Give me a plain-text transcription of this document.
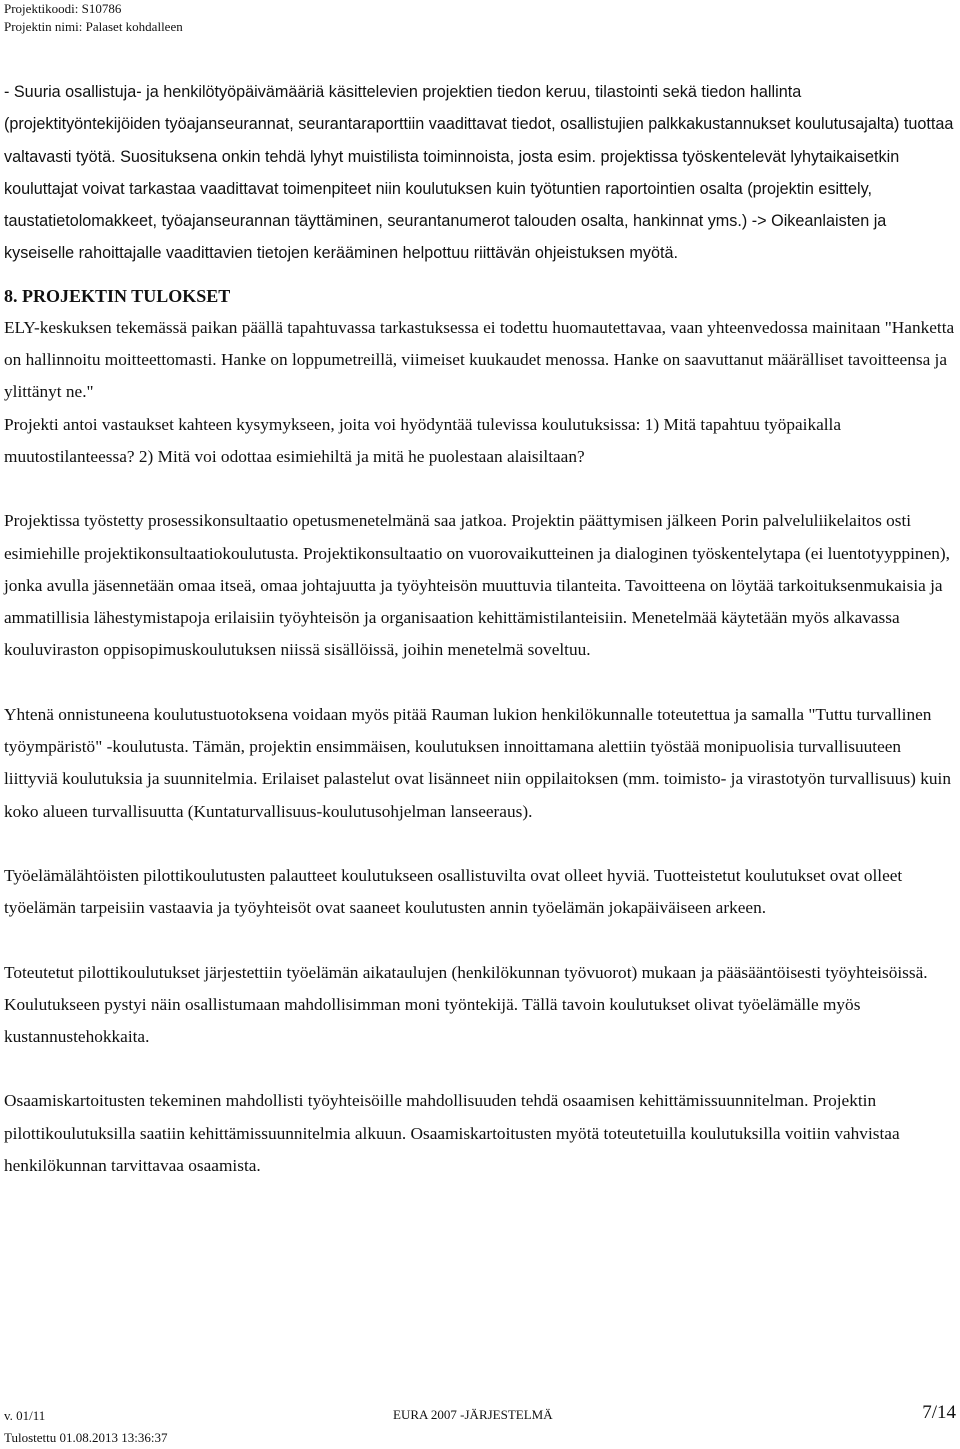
Projektikoodi: S10786
Projektin nimi: Palaset kohdalleen

- Suuria osallistuja- ja henkilötyöpäivämääriä käsittelevien projektien tiedon keruu, tilastointi sekä tiedon hallinta (projektityöntekijöiden työajanseurannat, seurantaraporttiin vaadittavat tiedot, osallistujien palkkakustannukset koulutusajalta) tuottaa valtavasti työtä. Suosituksena onkin tehdä lyhyt muistilista toiminnoista, josta esim. projektissa työskentelevät lyhytaikaisetkin kouluttajat voivat tarkastaa vaadittavat toimenpiteet niin koulutuksen kuin työtuntien raportointien osalta (projektin esittely, taustatietolomakkeet, työajanseurannan täyttäminen, seurantanumerot talouden osalta, hankinnat yms.) -> Oikeanlaisten ja kyseiselle rahoittajalle vaadittavien tietojen kerääminen helpottuu riittävän ohjeistuksen myötä.

8. PROJEKTIN TULOKSET

ELY-keskuksen tekemässä paikan päällä tapahtuvassa tarkastuksessa ei todettu huomautettavaa, vaan yhteenvedossa mainitaan "Hanketta on hallinnoitu moitteettomasti. Hanke on loppumetreillä, viimeiset kuukaudet menossa. Hanke on saavuttanut määrälliset tavoitteensa ja ylittänyt ne."

Projekti antoi vastaukset kahteen kysymykseen, joita voi hyödyntää tulevissa koulutuksissa: 1) Mitä tapahtuu työpaikalla muutostilanteessa? 2) Mitä voi odottaa esimiehiltä ja mitä he puolestaan alaisiltaan?

Projektissa työstetty prosessikonsultaatio opetusmenetelmänä saa jatkoa. Projektin päättymisen jälkeen Porin palveluliikelaitos osti esimiehille projektikonsultaatiokoulutusta. Projektikonsultaatio on vuorovaikutteinen ja dialoginen työskentelytapa (ei luentotyyppinen), jonka avulla jäsennetään omaa itseä, omaa johtajuutta ja työyhteisön muuttuvia tilanteita. Tavoitteena on löytää tarkoituksenmukaisia ja ammatillisia lähestymistapoja erilaisiin työyhteisön ja organisaation kehittämistilanteisiin. Menetelmää käytetään myös alkavassa kouluviraston oppisopimuskoulutuksen niissä sisällöissä, joihin menetelmä soveltuu.

Yhtenä onnistuneena koulutustuotoksena voidaan myös pitää Rauman lukion henkilökunnalle toteutettua ja samalla "Tuttu turvallinen työympäristö" -koulutusta. Tämän, projektin ensimmäisen, koulutuksen innoittamana alettiin työstää monipuolisia turvallisuuteen liittyviä koulutuksia ja suunnitelmia. Erilaiset palastelut ovat lisänneet niin oppilaitoksen (mm. toimisto- ja virastotyön turvallisuus) kuin koko alueen turvallisuutta (Kuntaturvallisuus-koulutusohjelman lanseeraus).

Työelämälähtöisten pilottikoulutusten palautteet koulutukseen osallistuvilta ovat olleet hyviä. Tuotteistetut koulutukset ovat olleet työelämän tarpeisiin vastaavia ja työyhteisöt ovat saaneet koulutusten annin työelämän jokapäiväiseen arkeen.

Toteutetut pilottikoulutukset järjestettiin työelämän aikataulujen (henkilökunnan työvuorot) mukaan ja pääsääntöisesti työyhteisöissä. Koulutukseen pystyi näin osallistumaan mahdollisimman moni työntekijä. Tällä tavoin koulutukset olivat työelämälle myös kustannustehokkaita.

Osaamiskartoitusten tekeminen mahdollisti työyhteisöille mahdollisuuden tehdä osaamisen kehittämissuunnitelman. Projektin pilottikoulutuksilla saatiin kehittämissuunnitelmia alkuun. Osaamiskartoitusten myötä toteutetuilla koulutuksilla voitiin vahvistaa henkilökunnan tarvittavaa osaamista.

v. 01/11
Tulostettu 01.08.2013 13:36:37
EURA 2007 -JÄRJESTELMÄ	7/14
